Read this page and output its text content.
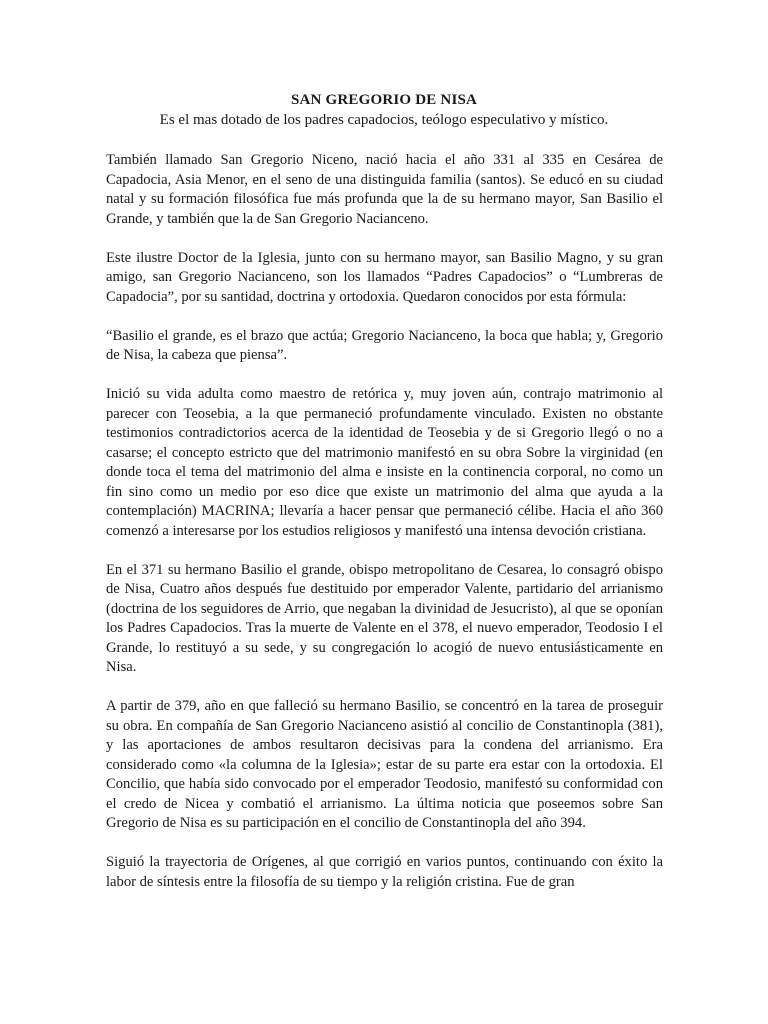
SAN GREGORIO DE NISA
Es el mas dotado de los padres capadocios, teólogo especulativo y místico.

También llamado San Gregorio Niceno, nació hacia el año 331 al 335 en Cesárea de Capadocia, Asia Menor, en el seno de una distinguida familia (santos). Se educó en su ciudad natal y su formación filosófica fue más profunda que la de su hermano mayor, San Basilio el Grande, y también que la de San Gregorio Nacianceno.

Este ilustre Doctor de la Iglesia, junto con su hermano mayor, san Basilio Magno, y su gran amigo, san Gregorio Nacianceno, son los llamados “Padres Capadocios” o “Lumbreras de Capadocia”, por su santidad, doctrina y ortodoxia. Quedaron conocidos por esta fórmula:

“Basilio el grande, es el brazo que actúa; Gregorio Nacianceno, la boca que habla; y, Gregorio de Nisa, la cabeza que piensa”.

Inició su vida adulta como maestro de retórica y, muy joven aún, contrajo matrimonio al parecer con Teosebia, a la que permaneció profundamente vinculado. Existen no obstante testimonios contradictorios acerca de la identidad de Teosebia y de si Gregorio llegó o no a casarse; el concepto estricto que del matrimonio manifestó en su obra Sobre la virginidad (en donde toca el tema del matrimonio del alma e insiste en la continencia corporal, no como un fin sino como un medio por eso dice que existe un matrimonio del alma que ayuda a la contemplación) MACRINA; llevaría a hacer pensar que permaneció célibe. Hacia el año 360 comenzó a interesarse por los estudios religiosos y manifestó una intensa devoción cristiana.

En el 371 su hermano Basilio el grande, obispo metropolitano de Cesarea, lo consagró obispo de Nisa, Cuatro años después fue destituido por emperador Valente, partidario del arrianismo (doctrina de los seguidores de Arrio, que negaban la divinidad de Jesucristo), al que se oponían los Padres Capadocios. Tras la muerte de Valente en el 378, el nuevo emperador, Teodosio I el Grande, lo restituyó a su sede, y su congregación lo acogió de nuevo entusiásticamente en Nisa.

A partir de 379, año en que falleció su hermano Basilio, se concentró en la tarea de proseguir su obra. En compañía de San Gregorio Nacianceno asistió al concilio de Constantinopla (381), y las aportaciones de ambos resultaron decisivas para la condena del arrianismo. Era considerado como «la columna de la Iglesia»; estar de su parte era estar con la ortodoxia. El Concilio, que había sido convocado por el emperador Teodosio, manifestó su conformidad con el credo de Nicea y combatió el arrianismo. La última noticia que poseemos sobre San Gregorio de Nisa es su participación en el concilio de Constantinopla del año 394.

Siguió la trayectoria de Orígenes, al que corrigió en varios puntos, continuando con éxito la labor de síntesis entre la filosofía de su tiempo y la religión cristina. Fue de gran
